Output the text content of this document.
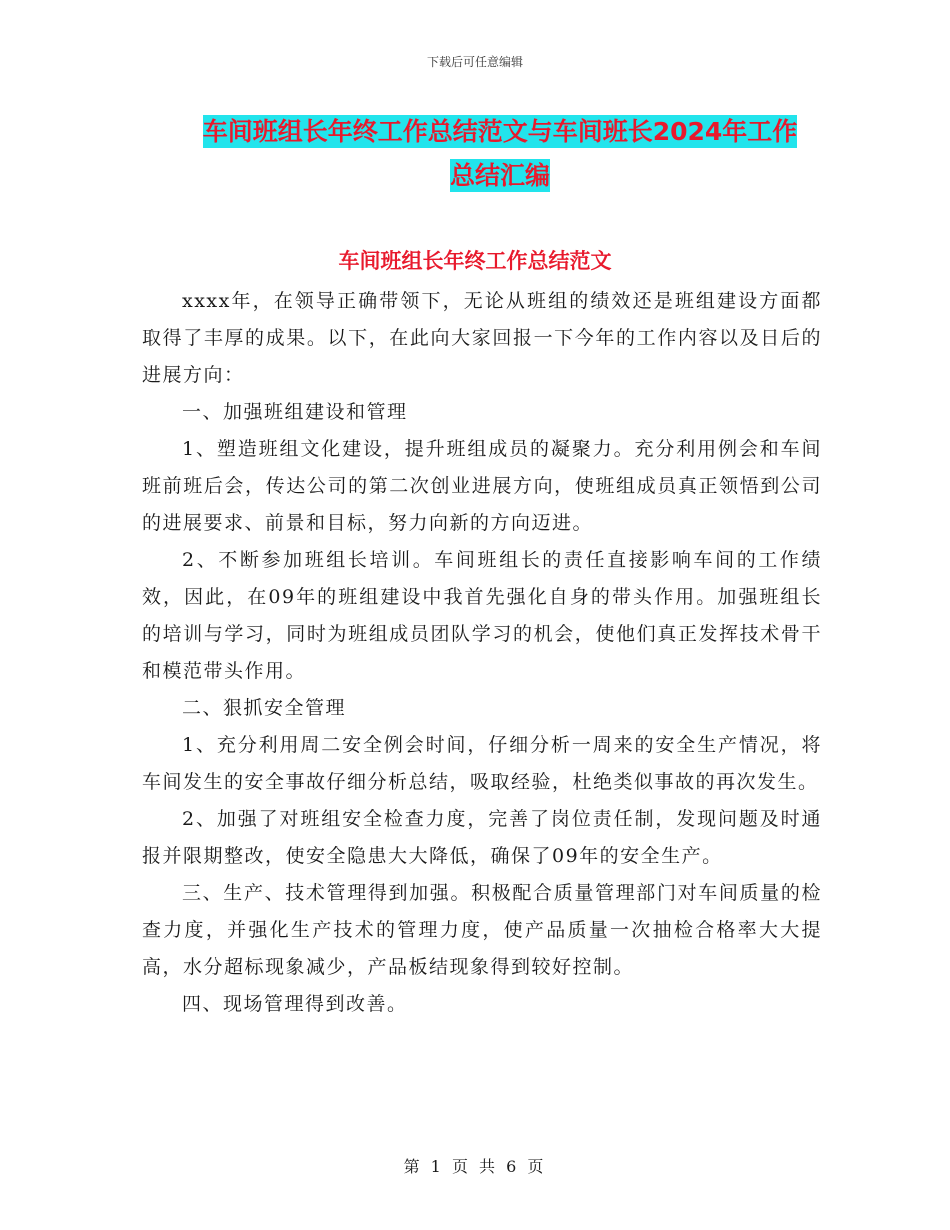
下载后可任意编辑
车间班组长年终工作总结范文与车间班长2024年工作
总结汇编
车间班组长年终工作总结范文

xxxx年，在领导正确带领下，无论从班组的绩效还是班组建设方面都取得了丰厚的成果。以下，在此向大家回报一下今年的工作内容以及日后的进展方向：

一、加强班组建设和管理

1、塑造班组文化建设，提升班组成员的凝聚力。充分利用例会和车间班前班后会，传达公司的第二次创业进展方向，使班组成员真正领悟到公司的进展要求、前景和目标，努力向新的方向迈进。

2、不断参加班组长培训。车间班组长的责任直接影响车间的工作绩效，因此，在09年的班组建设中我首先强化自身的带头作用。加强班组长的培训与学习，同时为班组成员团队学习的机会，使他们真正发挥技术骨干和模范带头作用。

二、狠抓安全管理

1、充分利用周二安全例会时间，仔细分析一周来的安全生产情况，将车间发生的安全事故仔细分析总结，吸取经验，杜绝类似事故的再次发生。

2、加强了对班组安全检查力度，完善了岗位责任制，发现问题及时通报并限期整改，使安全隐患大大降低，确保了09年的安全生产。

三、生产、技术管理得到加强。积极配合质量管理部门对车间质量的检查力度，并强化生产技术的管理力度，使产品质量一次抽检合格率大大提高，水分超标现象减少，产品板结现象得到较好控制。

四、现场管理得到改善。

第 1 页 共 6 页
